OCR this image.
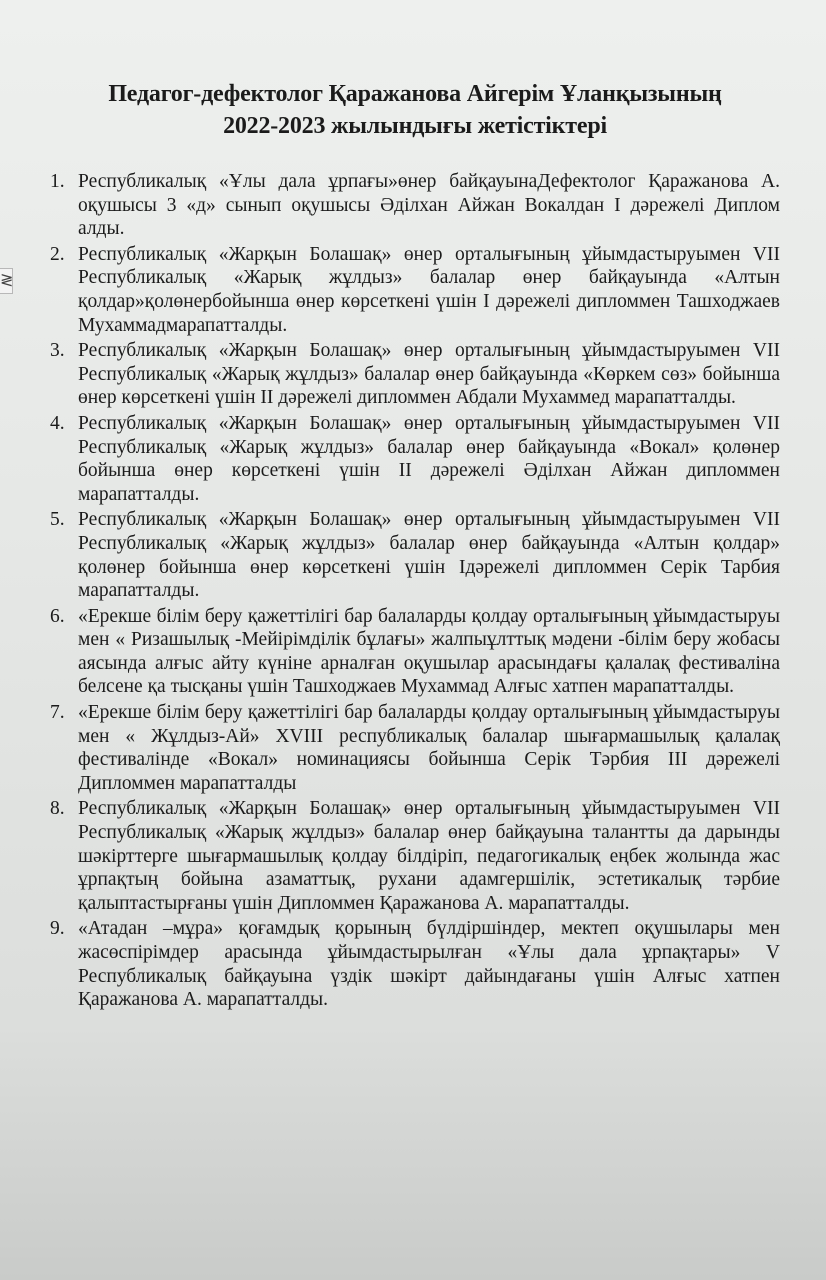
Педагог-дефектолог Қаражанова Айгерім Ұланқызының
2022-2023 жылындығы жетістіктері
1. Республикалық «Ұлы дала ұрпағы»өнер байқауынаДефектолог Қаражанова А. оқушысы 3 «д» сынып оқушысы Әділхан Айжан Вокалдан І дәрежелі Диплом алды.
2. Республикалық «Жарқын Болашақ» өнер орталығының ұйымдастыруымен VII Республикалық «Жарық жұлдыз» балалар өнер байқауында «Алтын қолдар»қолөнербойынша өнер көрсеткені үшін І дәрежелі дипломмен Ташходжаев Мухаммадмарапатталды.
3. Республикалық «Жарқын Болашақ» өнер орталығының ұйымдастыруымен VII Республикалық «Жарық жұлдыз» балалар өнер байқауында «Көркем сөз» бойынша өнер көрсеткені үшін ІІ дәрежелі дипломмен Абдали Мухаммед марапатталды.
4. Республикалық «Жарқын Болашақ» өнер орталығының ұйымдастыруымен VII Республикалық «Жарық жұлдыз» балалар өнер байқауында «Вокал» қолөнер бойынша өнер көрсеткені үшін ІІ дәрежелі Әділхан Айжан дипломмен марапатталды.
5. Республикалық «Жарқын Болашақ» өнер орталығының ұйымдастыруымен VII Республикалық «Жарық жұлдыз» балалар өнер байқауында «Алтын қолдар» қолөнер бойынша өнер көрсеткені үшін Ідәрежелі дипломмен Серік Тарбия марапатталды.
6. «Ерекше білім беру қажеттілігі бар балаларды қолдау орталығының ұйымдастыруы мен « Ризашылық -Мейірімділік бұлағы» жалпыұлттық мәдени -білім беру жобасы аясында алғыс айту күніне арналған оқушылар арасындағы қалалақ фестиваліна белсене қа тысқаны үшін Ташходжаев Мухаммад Алғыс хатпен марапатталды.
7. «Ерекше білім беру қажеттілігі бар балаларды қолдау орталығының ұйымдастыруы мен « Жұлдыз-Ай» XVIII республикалық балалар шығармашылық қалалақ фестивалінде «Вокал» номинациясы бойынша Серік Тәрбия ІІІ дәрежелі Дипломмен марапатталды
8. Республикалық «Жарқын Болашақ» өнер орталығының ұйымдастыруымен VII Республикалық «Жарық жұлдыз» балалар өнер байқауына талантты да дарынды шәкірттерге шығармашылық қолдау білдіріп, педагогикалық еңбек жолында жас ұрпақтың бойына азаматтық, рухани адамгершілік, эстетикалық тәрбие қалыптастырғаны үшін Дипломмен Қаражанова А. марапатталды.
9. «Атадан –мұра» қоғамдық қорының бүлдіршіндер, мектеп оқушылары мен жасөспірімдер арасында ұйымдастырылған «Ұлы дала ұрпақтары» V Республикалық байқауына үздік шәкірт дайындағаны үшін Алғыс хатпен Қаражанова А. марапатталды.
≷
